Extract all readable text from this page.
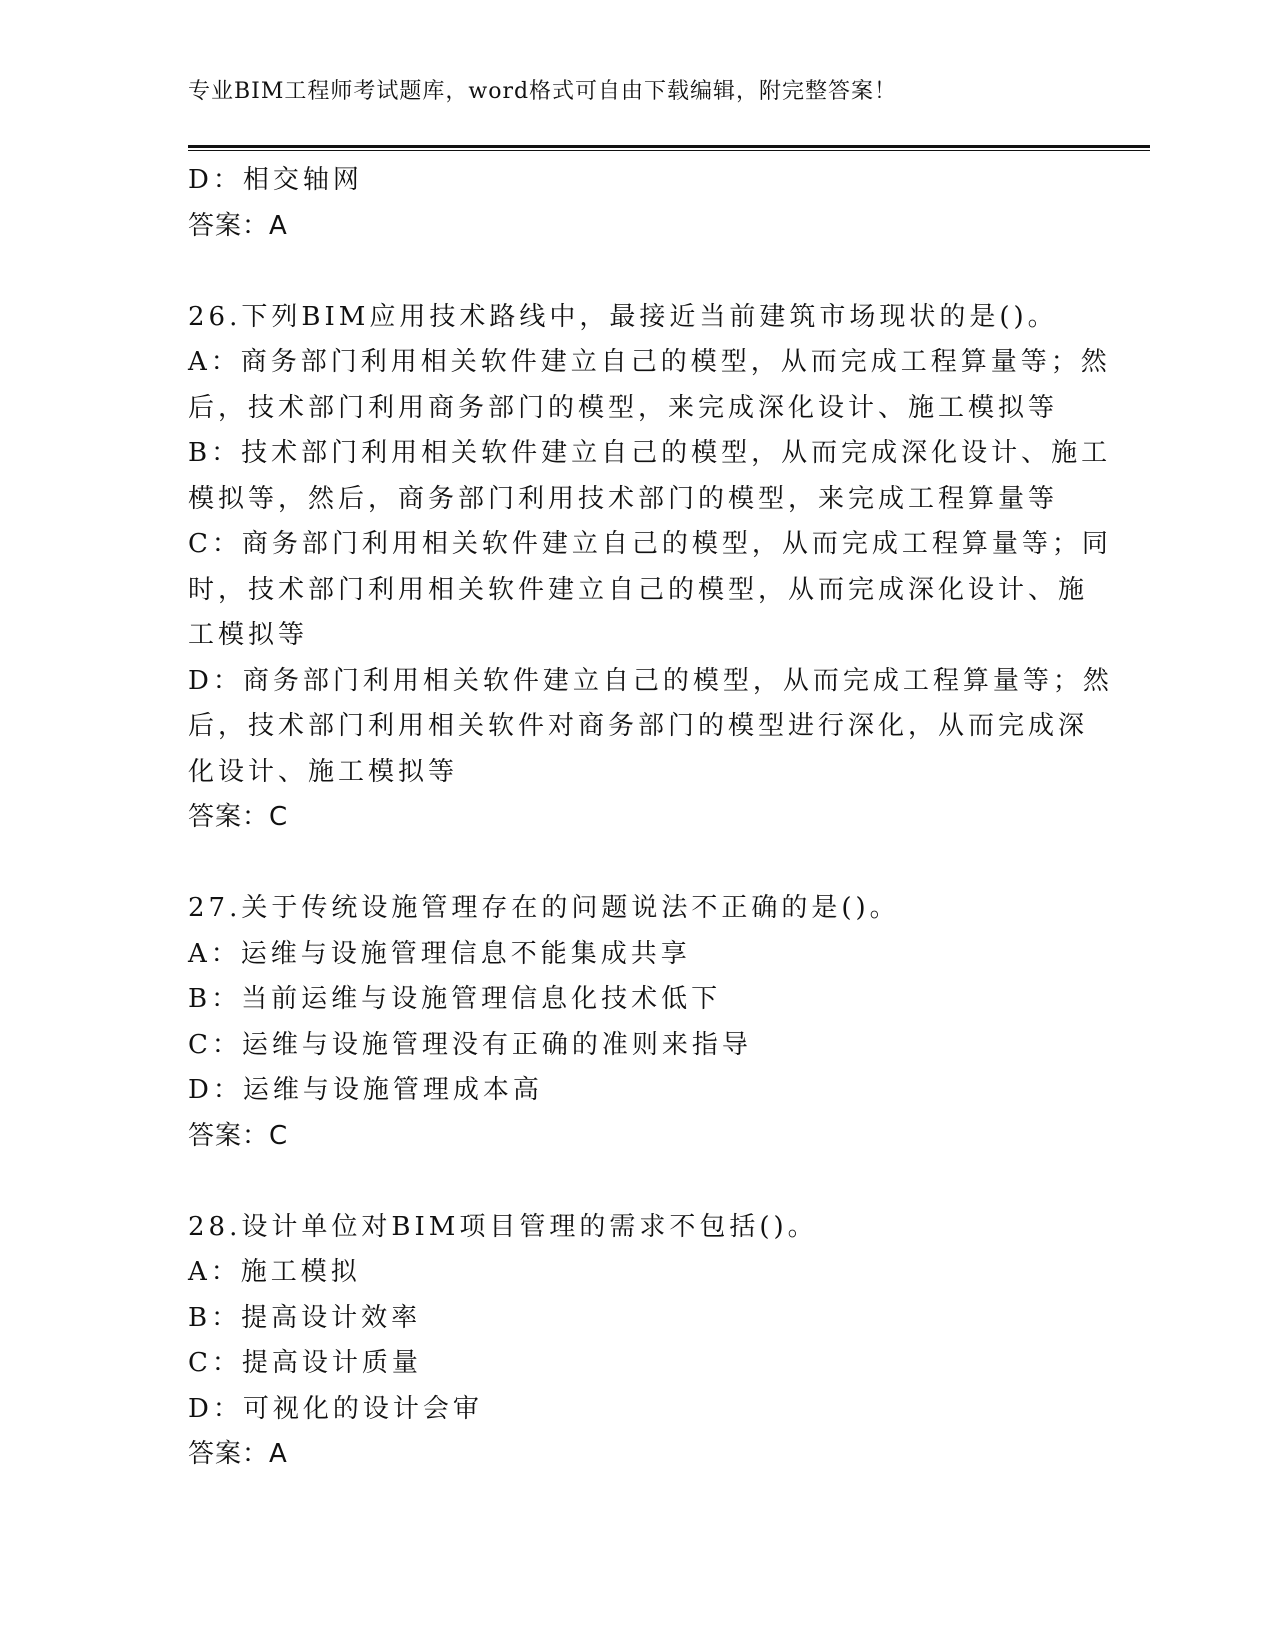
专业BIM工程师考试题库，word格式可自由下载编辑，附完整答案！
D：相交轴网
答案：A
26.下列BIM应用技术路线中，最接近当前建筑市场现状的是()。
A：商务部门利用相关软件建立自己的模型，从而完成工程算量等；然
后，技术部门利用商务部门的模型，来完成深化设计、施工模拟等
B：技术部门利用相关软件建立自己的模型，从而完成深化设计、施工
模拟等，然后，商务部门利用技术部门的模型，来完成工程算量等
C：商务部门利用相关软件建立自己的模型，从而完成工程算量等；同
时，技术部门利用相关软件建立自己的模型，从而完成深化设计、施
工模拟等
D：商务部门利用相关软件建立自己的模型，从而完成工程算量等；然
后，技术部门利用相关软件对商务部门的模型进行深化，从而完成深
化设计、施工模拟等
答案：C
27.关于传统设施管理存在的问题说法不正确的是()。
A：运维与设施管理信息不能集成共享
B：当前运维与设施管理信息化技术低下
C：运维与设施管理没有正确的准则来指导
D：运维与设施管理成本高
答案：C
28.设计单位对BIM项目管理的需求不包括()。
A：施工模拟
B：提高设计效率
C：提高设计质量
D：可视化的设计会审
答案：A
